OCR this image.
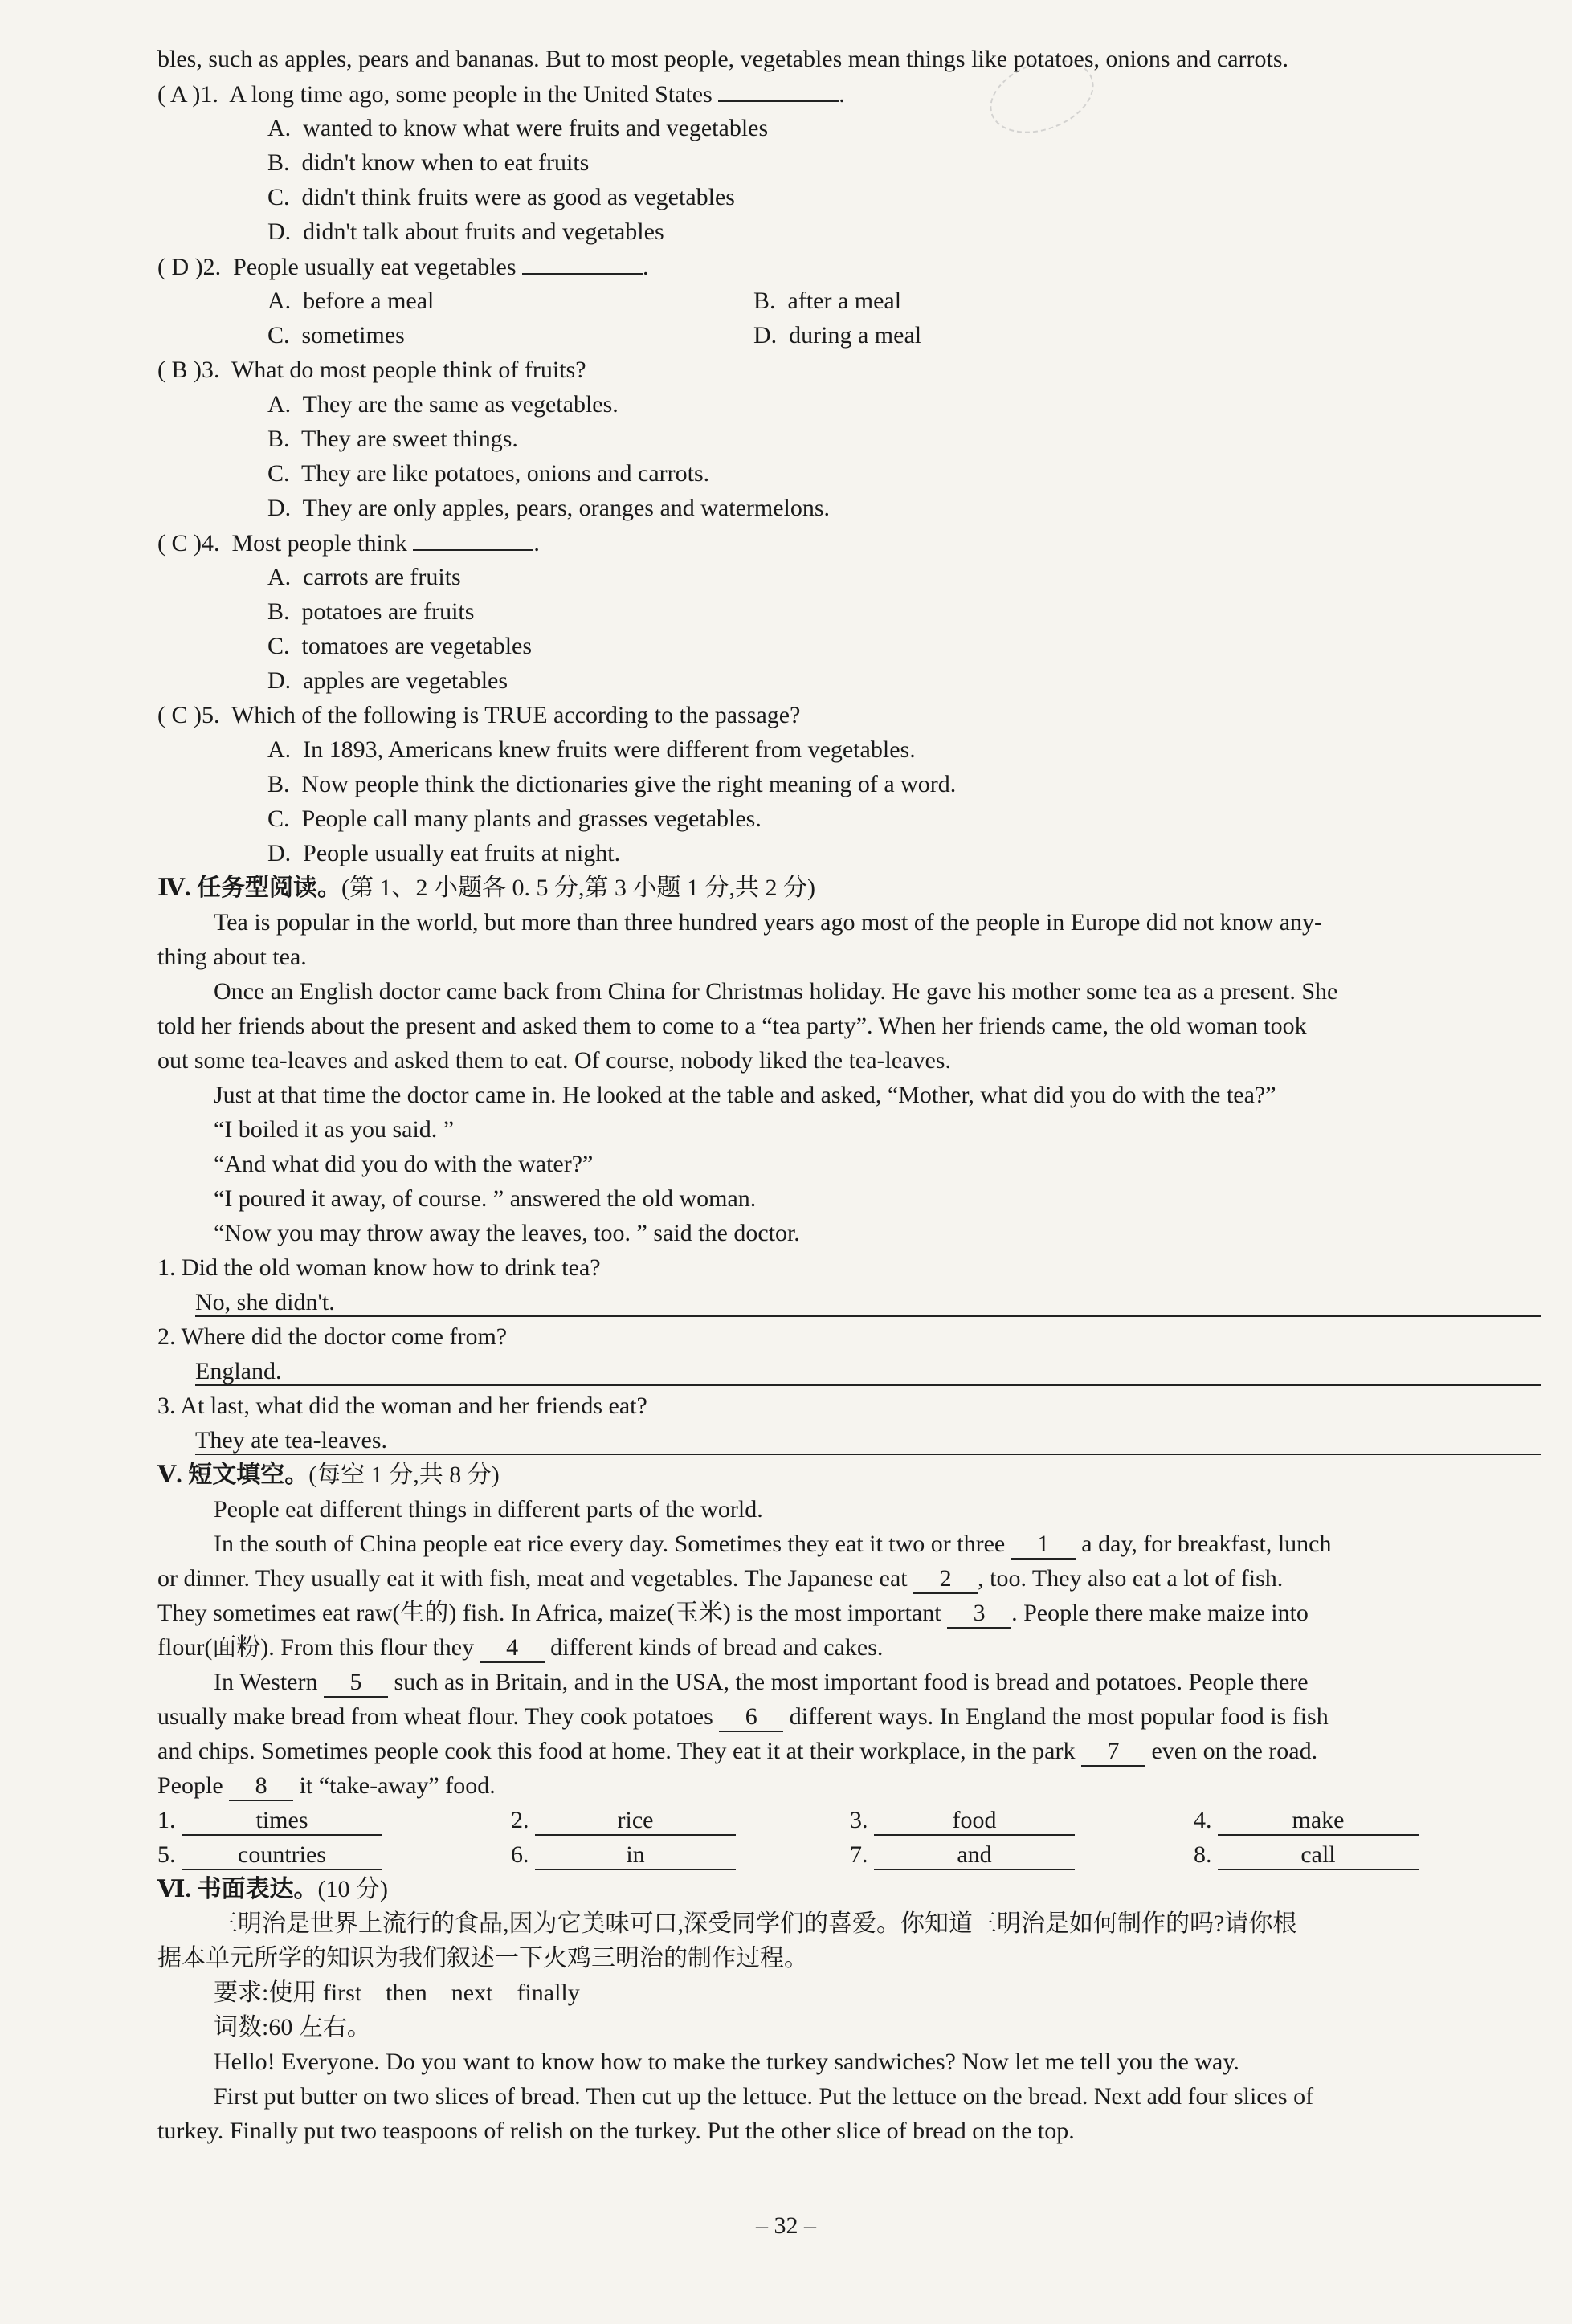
bles, such as apples, pears and bananas. But to most people, vegetables mean things like potatoes, onions and carrots.
( A )1. A long time ago, some people in the United States	.
A.  wanted to know what were fruits and vegetables
B.  didn't know when to eat fruits
C.  didn't think fruits were as good as vegetables
D.  didn't talk about fruits and vegetables
( D )2. People usually eat vegetables	.
A.  before a meal	B.  after a meal
C.  sometimes	D.  during a meal
( B )3. What do most people think of fruits?
A.  They are the same as vegetables.
B.  They are sweet things.
C.  They are like potatoes, onions and carrots.
D.  They are only apples, pears, oranges and watermelons.
( C )4. Most people think	.
A.  carrots are fruits
B.  potatoes are fruits
C.  tomatoes are vegetables
D.  apples are vegetables
( C )5. Which of the following is TRUE according to the passage?
A.  In 1893, Americans knew fruits were different from vegetables.
B.  Now people think the dictionaries give the right meaning of a word.
C.  People call many plants and grasses vegetables.
D.  People usually eat fruits at night.
Ⅳ. 任务型阅读。(第 1、2 小题各 0. 5 分,第 3 小题 1 分,共 2 分)
Tea is popular in the world, but more than three hundred years ago most of the people in Europe did not know any-
thing about tea.
Once an English doctor came back from China for Christmas holiday. He gave his mother some tea as a present. She
told her friends about the present and asked them to come to a “tea party”. When her friends came, the old woman took
out some tea-leaves and asked them to eat. Of course, nobody liked the tea-leaves.
Just at that time the doctor came in. He looked at the table and asked, “Mother, what did you do with the tea?”
“I boiled it as you said. ”
“And what did you do with the water?”
“I poured it away, of course. ” answered the old woman.
“Now you may throw away the leaves, too. ” said the doctor.
1. Did the old woman know how to drink tea?
No, she didn't.
2. Where did the doctor come from?
England.
3. At last, what did the woman and her friends eat?
They ate tea-leaves.
Ⅴ. 短文填空。(每空 1 分,共 8 分)
People eat different things in different parts of the world.
In the south of China people eat rice every day. Sometimes they eat it two or three 1 a day, for breakfast, lunch
or dinner. They usually eat it with fish, meat and vegetables. The Japanese eat 2 , too. They also eat a lot of fish.
They sometimes eat raw(生的) fish. In Africa, maize(玉米) is the most important 3 . People there make maize into
flour(面粉). From this flour they 4 different kinds of bread and cakes.
In Western 5 such as in Britain, and in the USA, the most important food is bread and potatoes. People there
usually make bread from wheat flour. They cook potatoes 6 different ways. In England the most popular food is fish
and chips. Sometimes people cook this food at home. They eat it at their workplace, in the park 7 even on the road.
People 8 it “take-away” food.
1.	times	2.	rice	3.	food	4.	make
5.	countries	6.	in	7.	and	8.	call
Ⅵ. 书面表达。(10 分)
三明治是世界上流行的食品,因为它美味可口,深受同学们的喜爱。你知道三明治是如何制作的吗?请你根
据本单元所学的知识为我们叙述一下火鸡三明治的制作过程。
要求:使用 first    then    next    finally
词数:60 左右。
Hello! Everyone. Do you want to know how to make the turkey sandwiches? Now let me tell you the way.
First put butter on two slices of bread. Then cut up the lettuce. Put the lettuce on the bread. Next add four slices of
turkey. Finally put two teaspoons of relish on the turkey. Put the other slice of bread on the top.
– 32 –
